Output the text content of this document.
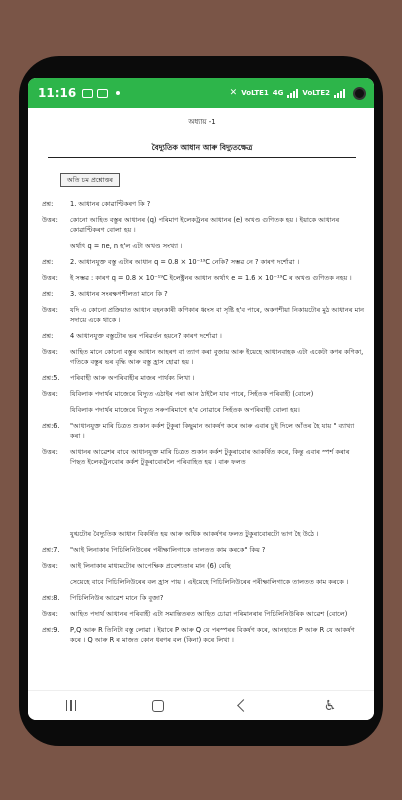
11:16	✕ VoLTE1 4G	VoLTE2
অধ্যায় -1
বৈদ্যুতিক আধান আৰু বিদ্যুতক্ষেত্ৰ
অতি চম প্ৰশ্নোত্তৰ
প্ৰশ্ন:	1. আধানৰ কোৱাণ্টিকৰণ কি ?
উত্তৰ: কোনো আহিত বস্তুৰ আধানৰ (q) পৰিমাণ ইলেকট্ৰনৰ আধানৰ (e) অখণ্ড গুণিতক হয় । ইয়াকে আধানৰ কোৱাণ্টিকৰণ বোলা হয় ।
অৰ্থাৎ q = ne, n হ'ল এটা অখণ্ড সংখ্যা ।
প্ৰশ্ন:	2. আধানযুক্ত বস্তু এটাৰ আধান q = 0.8 × 10⁻¹⁹C নেকি? সম্ভৱ নে ? কাৰণ দৰ্শোৱা ।
উত্তৰ: ই সম্ভৱ : কাৰণ q = 0.8 × 10⁻¹⁹C ইলেক্ট্ৰনৰ আধান অৰ্থাৎ e = 1.6 × 10⁻¹⁹C ৰ অখণ্ড গুণিতক নহয় ।
প্ৰশ্ন:	3. আধানৰ সংৰক্ষণশীলতা মানে কি ?
উত্তৰ: যদি এ কোনো প্ৰক্ৰিয়াত আধান বহনকাৰী কণিকাৰ ধ্বংস বা সৃষ্টি হ'ব পাৰে, অকণশীয়া নিকায়টোৰ মুঠ আধানৰ মান সদায়ে একে থাকে ।
প্ৰশ্ন:	4 আধানযুক্ত বস্তুটোৰ ভৰ পৰিৱৰ্তন হয়নে? কাৰণ দৰ্শোৱা ।
উত্তৰ: আহিত মানে কোনো বস্তুৰ আধান আহৰণ বা ত্যাগ কৰা বুজায় আৰু ইয়েহে আধানবাহক এটা একেটা কণৰ কণিকা, গতিকে বস্তুৰ ভৰ বৃদ্ধি আৰু বস্তু হ্ৰাস হোৱা হয় ।
প্ৰশ্ন:5. পৰিবাহী আৰু অপৰিবাহীৰ মাজৰ পাৰ্থক্য লিখা ।
উত্তৰ: যিবিলাক পদাৰ্থৰ মাজেৰে বিদ্যুত এঠাইৰ পৰা আন ঠাইলৈ যাব পাৰে, সিহঁতক পৰিবাহী (বোলে)
যিবিলাক পদাৰ্থৰ মাজেৰে বিদ্যুত সৰুপৰিমাণে হ'ব নোৱাৰে সিহঁতক অপৰিবাহী বোলা হয়।
প্ৰশ্ন:6. "আধানযুক্ত মাৰি চিত্ৰত শুকান কৰ্কশ টুকুৰা কিছুমান আকৰ্ষণ কৰে আৰু এবাৰ চুই দিলে আঁতৰ হৈ যায় " ব্যাখ্যা কৰা ।
উত্তৰ: আধানৰ আৱেশৰ বাবে আধানযুক্ত মাৰি চিত্ৰত শুকান কৰ্কশ টুকুৰাবোৰ আকৰ্ষিত কৰে, কিন্তু এবাৰ স্পৰ্শ কৰাৰ পিছত ইলেকট্ৰনবোৰ কৰ্কশ টুকুৰাবোৰলৈ পৰিবাহিত হয় । বাৰু ফলত
যুগ্মটোৰ বৈদ্যুতিক আধান বিকৰ্ষিত হয় আৰু অধিক আকৰ্ষণৰ ফলত টুকুৰাবোৰটো ভাগ হৈ উঠে ।
প্ৰশ্ন:7. "আই লিনাকাৰ পিচিলিনিউৰেৰ পৰীক্ষালিগাকে তালতত কাম কৰকে" কিয় ?
উত্তৰ: আই লিনাকাৰ মাধ্যমটোৰ আপেক্ষিক প্ৰবেশ্যতাৰ মান (6) বেছি
সেয়েহে বাবে পিচিলিনিউৰেৰ বল হ্ৰাস পায় । এইয়েহে পিচিলিনিউৰেৰ পৰীক্ষালিগাকে তালতত কাম কৰকে ।
প্ৰশ্ন:8. পিচিলিনিউৰ আৱেশ মানে কি বুজা?
উত্তৰ: আহিত পদাৰ্থ আধানৰ পৰিবাহী এটা সমান্তিতৰত আহিত চোৱা পৰিমানৰাৰ পিচিলিনিউৰিক আৱেশ (বোলে)
প্ৰশ্ন:9. P,Q আৰু R তিনিটা বস্তু লোৱা । ইয়াৰে P আৰু Q যে পৰস্পৰৰ বিকৰ্ষণ কৰে, আনহাতে P আৰু R যে আকৰ্ষণ কৰে । Q আৰু R ৰ মাজত কোন ধৰণৰ বল (কিনা) কৰে লিখা ।
♿
